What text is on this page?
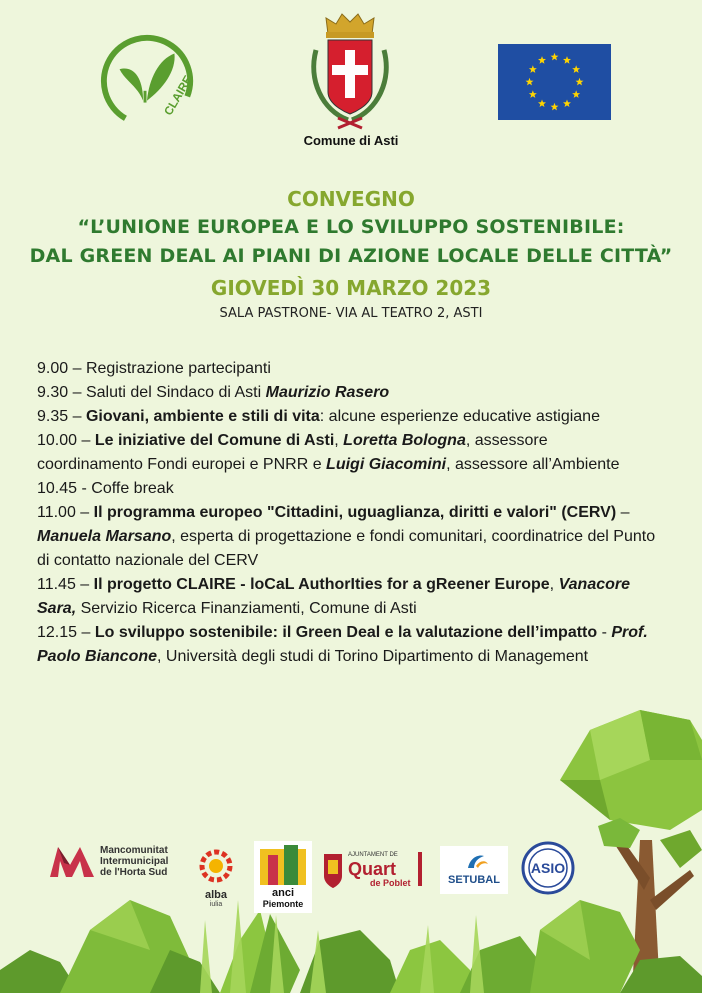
CLAIRE
Comune di Asti
CONVEGNO
“L’UNIONE EUROPEA E LO SVILUPPO SOSTENIBILE:
DAL GREEN DEAL AI PIANI DI AZIONE LOCALE DELLE CITTÀ”
GIOVEDÌ 30 MARZO 2023
SALA PASTRONE- VIA AL TEATRO 2, ASTI
9.00 – Registrazione partecipanti
9.30 – Saluti del Sindaco di Asti Maurizio Rasero
9.35 – Giovani, ambiente e stili di vita: alcune esperienze educative astigiane
10.00 – Le iniziative del Comune di Asti, Loretta Bologna, assessore
coordinamento Fondi europei e PNRR e Luigi Giacomini, assessore all’Ambiente
10.45 - Coffe break
11.00 – Il programma europeo "Cittadini, uguaglianza, diritti e valori" (CERV) –
Manuela Marsano, esperta di progettazione e fondi comunitari, coordinatrice del Punto
di contatto nazionale del CERV
11.45 – Il progetto CLAIRE - loCaL AuthorIties for a gReener Europe, Vanacore
Sara, Servizio Ricerca Finanziamenti, Comune di Asti
12.15 – Lo sviluppo sostenibile: il Green Deal e la valutazione dell’impatto - Prof.
Paolo Biancone, Università degli studi di Torino Dipartimento di Management
Mancomunitat
Intermunicipal
de l'Horta Sud
alba
iulia
anci
Piemonte
AJUNTAMENT DE
Quart
de Poblet	SETUBAL
ASIO
